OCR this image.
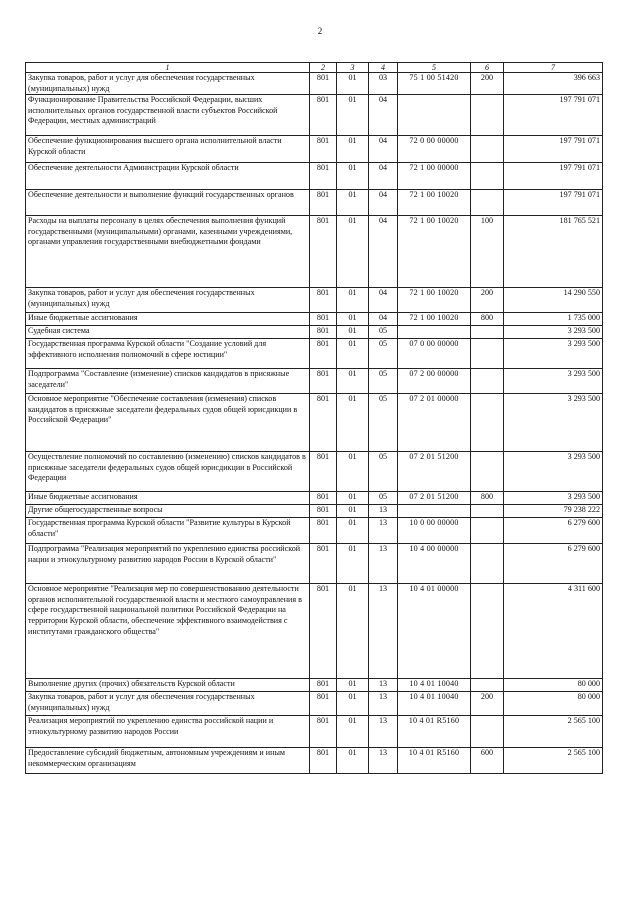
2
1	2	3	4	5	6	7
Закупка товаров, работ и услуг для обеспечения государственных (муниципальных) нужд	801	01	03	75 1 00 51420	200	396 663
Функционирование Правительства Российской Федерации, высших исполнительных органов государственной власти субъектов Российской Федерации, местных администраций	801	01	04			197 791 071
Обеспечение функционирования высшего органа исполнительной власти Курской области	801	01	04	72 0 00 00000		197 791 071
Обеспечение деятельности Администрации Курской области	801	01	04	72 1 00 00000		197 791 071
Обеспечение деятельности и выполнение функций государственных органов	801	01	04	72 1 00 10020		197 791 071
Расходы на выплаты персоналу в целях обеспечения выполнения функций государственными (муниципальными) органами, казенными учреждениями, органами управления государственными внебюджетными фондами	801	01	04	72 1 00 10020	100	181 765 521
Закупка товаров, работ и услуг для обеспечения государственных (муниципальных) нужд	801	01	04	72 1 00 10020	200	14 290 550
Иные бюджетные ассигнования	801	01	04	72 1 00 10020	800	1 735 000
Судебная система	801	01	05			3 293 500
Государственная программа Курской области "Создание условий для эффективного исполнения полномочий в сфере юстиции"	801	01	05	07 0 00 00000		3 293 500
Подпрограмма "Составление (изменение) списков кандидатов в присяжные заседатели"	801	01	05	07 2 00 00000		3 293 500
Основное мероприятие "Обеспечение составления (изменения) списков кандидатов в присяжные заседатели федеральных судов общей юрисдикции в Российской Федерации"	801	01	05	07 2 01 00000		3 293 500
Осуществление полномочий по составлению (изменению) списков кандидатов в присяжные заседатели федеральных судов общей юрисдикции в Российской Федерации	801	01	05	07 2 01 51200		3 293 500
Иные бюджетные ассигнования	801	01	05	07 2 01 51200	800	3 293 500
Другие общегосударственные вопросы	801	01	13			79 238 222
Государственная программа Курской области "Развитие культуры в Курской области"	801	01	13	10 0 00 00000		6 279 600
Подпрограмма "Реализация мероприятий по укреплению единства российской нации и этнокультурному развитию народов России в Курской области"	801	01	13	10 4 00 00000		6 279 600
Основное мероприятие "Реализация мер по совершенствованию деятельности органов исполнительной государственной власти и местного самоуправления в сфере государственной национальной политики Российской Федерации на территории Курской области, обеспечение эффективного взаимодействия с институтами гражданского общества"	801	01	13	10 4 01 00000		4 311 600
Выполнение других (прочих) обязательств Курской области	801	01	13	10 4 01 10040		80 000
Закупка товаров, работ и услуг для обеспечения государственных (муниципальных) нужд	801	01	13	10 4 01 10040	200	80 000
Реализация мероприятий по укреплению единства российской нации и этнокультурному развитию народов России	801	01	13	10 4 01 R5160		2 565 100
Предоставление субсидий бюджетным, автономным учреждениям и иным некоммерческим организациям	801	01	13	10 4 01 R5160	600	2 565 100
